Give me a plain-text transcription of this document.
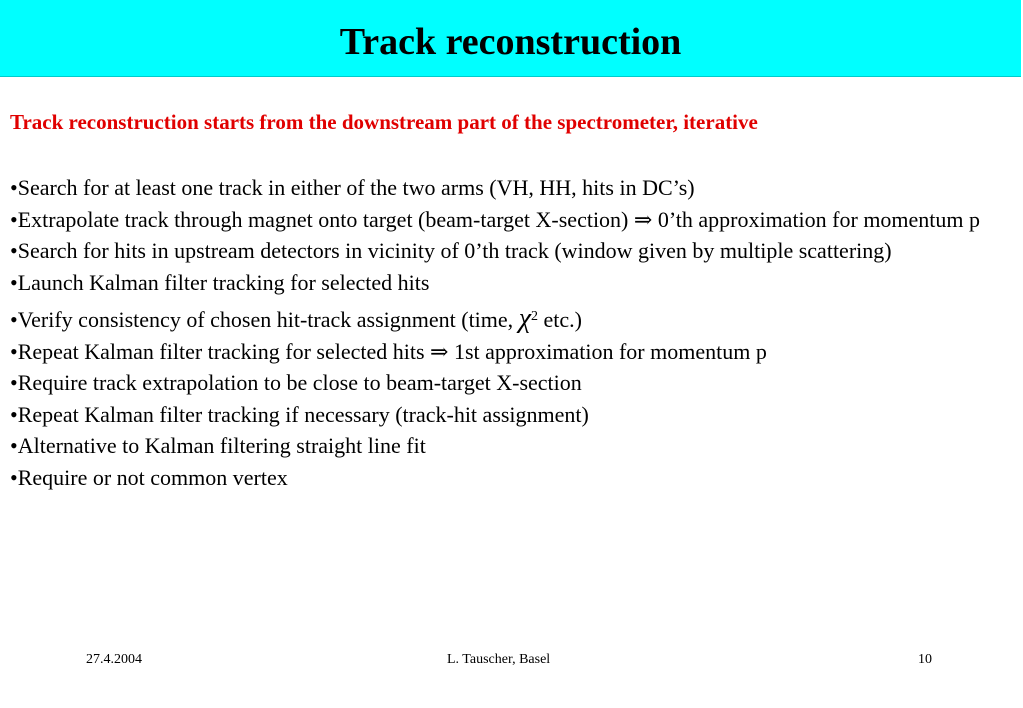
Track reconstruction
Track reconstruction starts from the downstream part of the spectrometer, iterative
•Search for at least one track in either of the two arms (VH, HH, hits in DC’s)
•Extrapolate track through magnet onto target (beam-target X-section) ⇒ 0’th approximation for momentum p
•Search for hits in upstream detectors in vicinity of 0’th track (window given by multiple scattering)
•Launch Kalman filter tracking for selected hits
•Verify consistency of chosen hit-track assignment (time, $\chi^2$ etc.)
•Repeat Kalman filter tracking for selected hits ⇒ 1st approximation for momentum p
•Require track extrapolation to be close to beam-target X-section
•Repeat Kalman filter tracking if necessary (track-hit assignment)
•Alternative to Kalman filtering straight line fit
•Require or not common vertex
27.4.2004	L. Tauscher, Basel	10
